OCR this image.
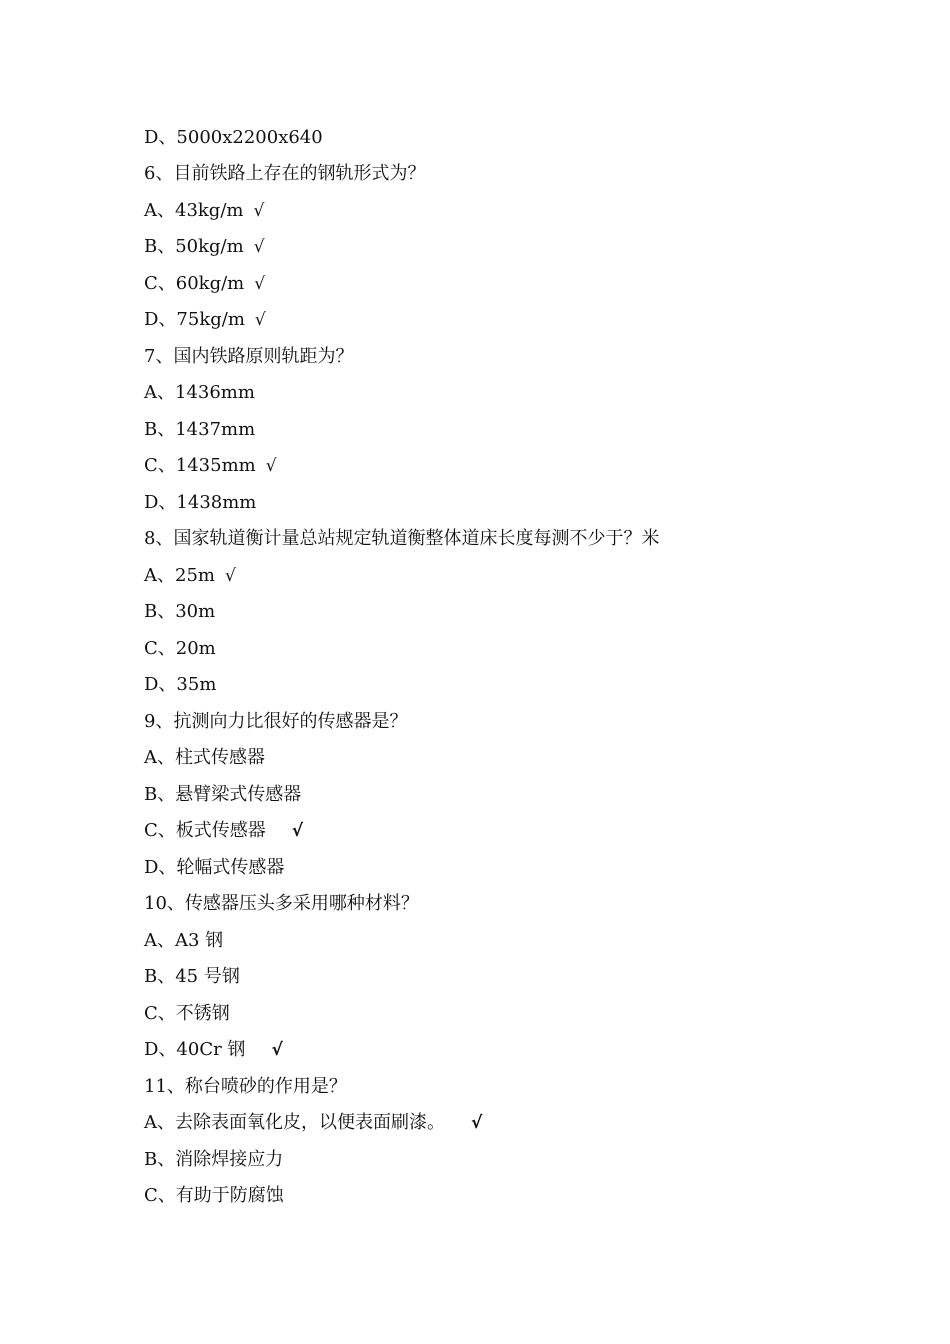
D、5000x2200x640
6、目前铁路上存在的钢轨形式为？
A、43kg/m √
B、50kg/m √
C、60kg/m √
D、75kg/m √
7、国内铁路原则轨距为？
A、1436mm
B、1437mm
C、1435mm √
D、1438mm
8、国家轨道衡计量总站规定轨道衡整体道床长度每测不少于？米
A、25m √
B、30m
C、20m
D、35m
9、抗测向力比很好的传感器是？
A、柱式传感器
B、悬臂梁式传感器
C、板式传感器 √
D、轮幅式传感器
10、传感器压头多采用哪种材料？
A、A3 钢
B、45 号钢
C、不锈钢
D、40Cr 钢 √
11、称台喷砂的作用是？
A、去除表面氧化皮，以便表面刷漆。 √
B、消除焊接应力
C、有助于防腐蚀
